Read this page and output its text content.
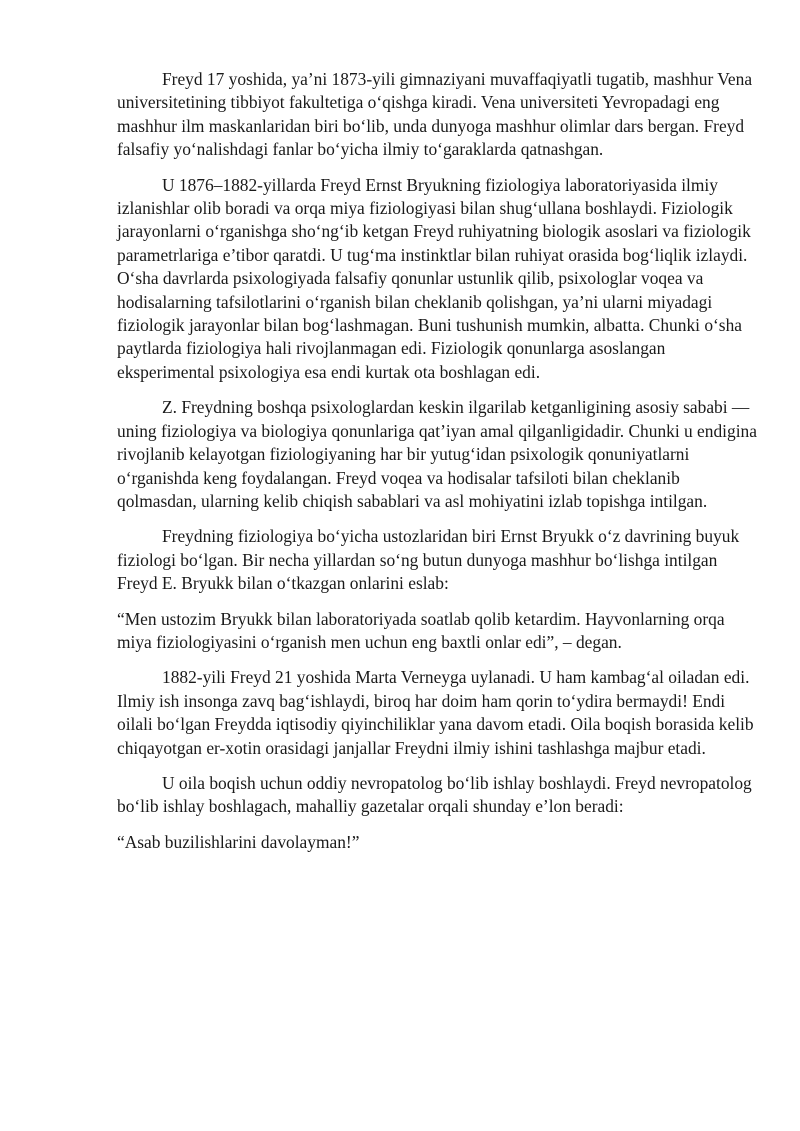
Freyd 17 yoshida, ya’ni 1873-yili gimnaziyani muvaffaqiyatli tugatib, mashhur Vena universitetining tibbiyot fakultetiga o‘qishga kiradi. Vena universiteti Yevropadagi eng mashhur ilm maskanlaridan biri bo‘lib, unda dunyoga mashhur olimlar dars bergan. Freyd falsafiy yo‘nalishdagi fanlar bo‘yicha ilmiy to‘garaklarda qatnashgan.

U 1876–1882-yillarda Freyd Ernst Bryukning fiziologiya laboratoriyasida ilmiy izlanishlar olib boradi va orqa miya fiziologiyasi bilan shug‘ullana boshlaydi. Fiziologik jarayonlarni o‘rganishga sho‘ng‘ib ketgan Freyd ruhiyatning biologik asoslari va fiziologik parametrlariga e’tibor qaratdi. U tug‘ma instinktlar bilan ruhiyat orasida bog‘liqlik izlaydi. O‘sha davrlarda psixologiyada falsafiy qonunlar ustunlik qilib, psixologlar voqea va hodisalarning tafsilotlarini o‘rganish bilan cheklanib qolishgan, ya’ni ularni miyadagi fiziologik jarayonlar bilan bog‘lashmagan. Buni tushunish mumkin, albatta. Chunki o‘sha paytlarda fiziologiya hali rivojlanmagan edi. Fiziologik qonunlarga asoslangan eksperimental psixologiya esa endi kurtak ota boshlagan edi.

Z. Freydning boshqa psixologlardan keskin ilgarilab ketganligining asosiy sababi — uning fiziologiya va biologiya qonunlariga qat’iyan amal qilganligidadir. Chunki u endigina rivojlanib kelayotgan fiziologiyaning har bir yutug‘idan psixologik qonuniyatlarni o‘rganishda keng foydalangan. Freyd voqea va hodisalar tafsiloti bilan cheklanib qolmasdan, ularning kelib chiqish sabablari va asl mohiyatini izlab topishga intilgan.

Freydning fiziologiya bo‘yicha ustozlaridan biri Ernst Bryukk o‘z davrining buyuk fiziologi bo‘lgan. Bir necha yillardan so‘ng butun dunyoga mashhur bo‘lishga intilgan Freyd E. Bryukk bilan o‘tkazgan onlarini eslab:

“Men ustozim Bryukk bilan laboratoriyada soatlab qolib ketardim. Hayvonlarning orqa miya fiziologiyasini o‘rganish men uchun eng baxtli onlar edi”, – degan.

1882-yili Freyd 21 yoshida Marta Verneyga uylanadi. U ham kambag‘al oiladan edi. Ilmiy ish insonga zavq bag‘ishlaydi, biroq har doim ham qorin to‘ydira bermaydi! Endi oilali bo‘lgan Freydda iqtisodiy qiyinchiliklar yana davom etadi. Oila boqish borasida kelib chiqayotgan er-xotin orasidagi janjallar Freydni ilmiy ishini tashlashga majbur etadi.

U oila boqish uchun oddiy nevropatolog bo‘lib ishlay boshlaydi. Freyd nevropatolog bo‘lib ishlay boshlagach, mahalliy gazetalar orqali shunday e’lon beradi:

“Asab buzilishlarini davolayman!”
